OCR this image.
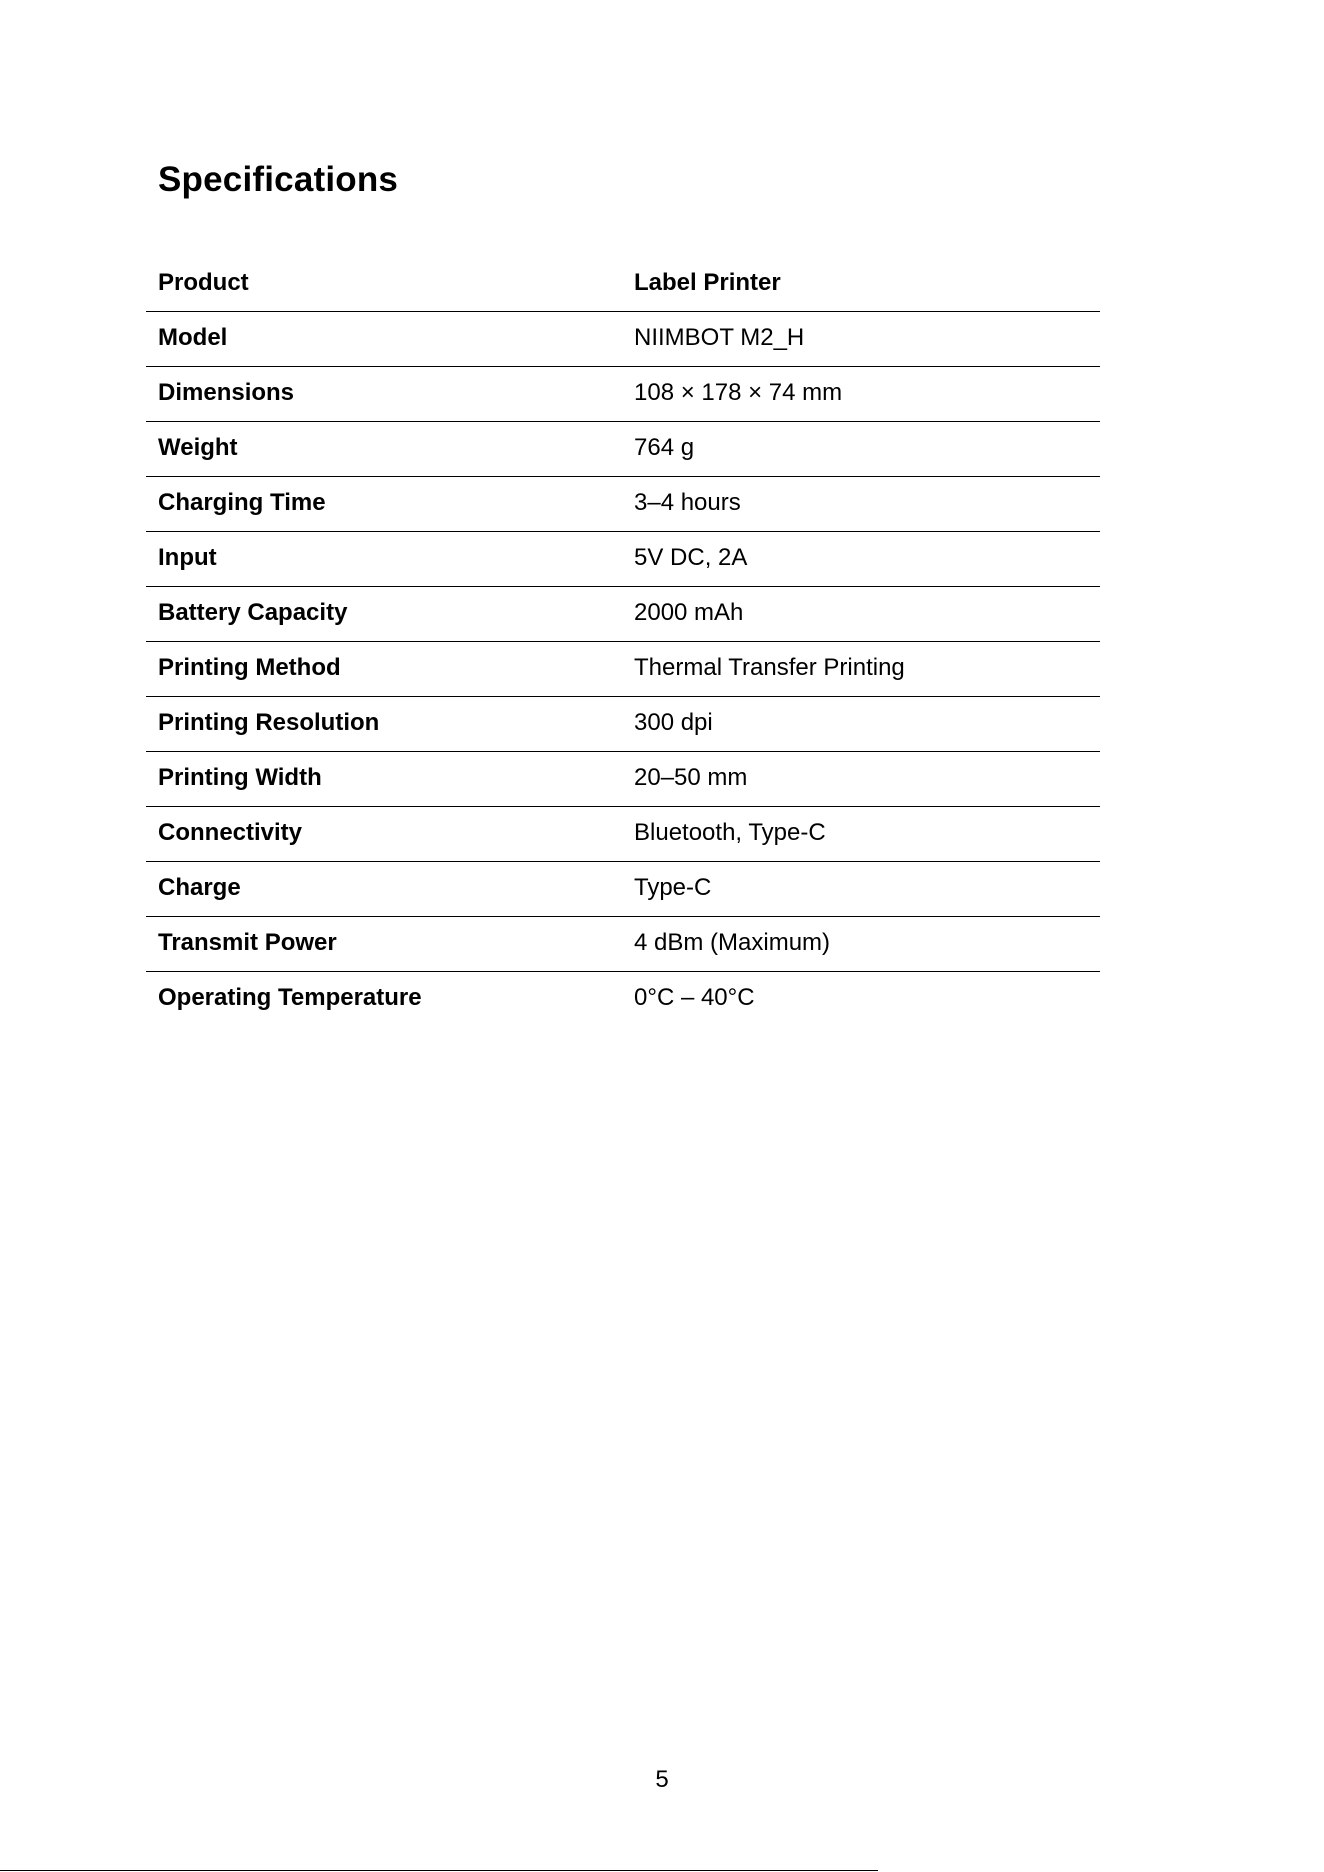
Specifications
Product	Label Printer
Model	NIIMBOT M2_H
Dimensions	108 × 178 × 74 mm
Weight	764 g
Charging Time	3–4 hours
Input	5V DC, 2A
Battery Capacity	2000 mAh
Printing Method	Thermal Transfer Printing
Printing Resolution	300 dpi
Printing Width	20–50 mm
Connectivity	Bluetooth, Type-C
Charge	Type-C
Transmit Power	4 dBm (Maximum)
Operating Temperature	0°C – 40°C
5
